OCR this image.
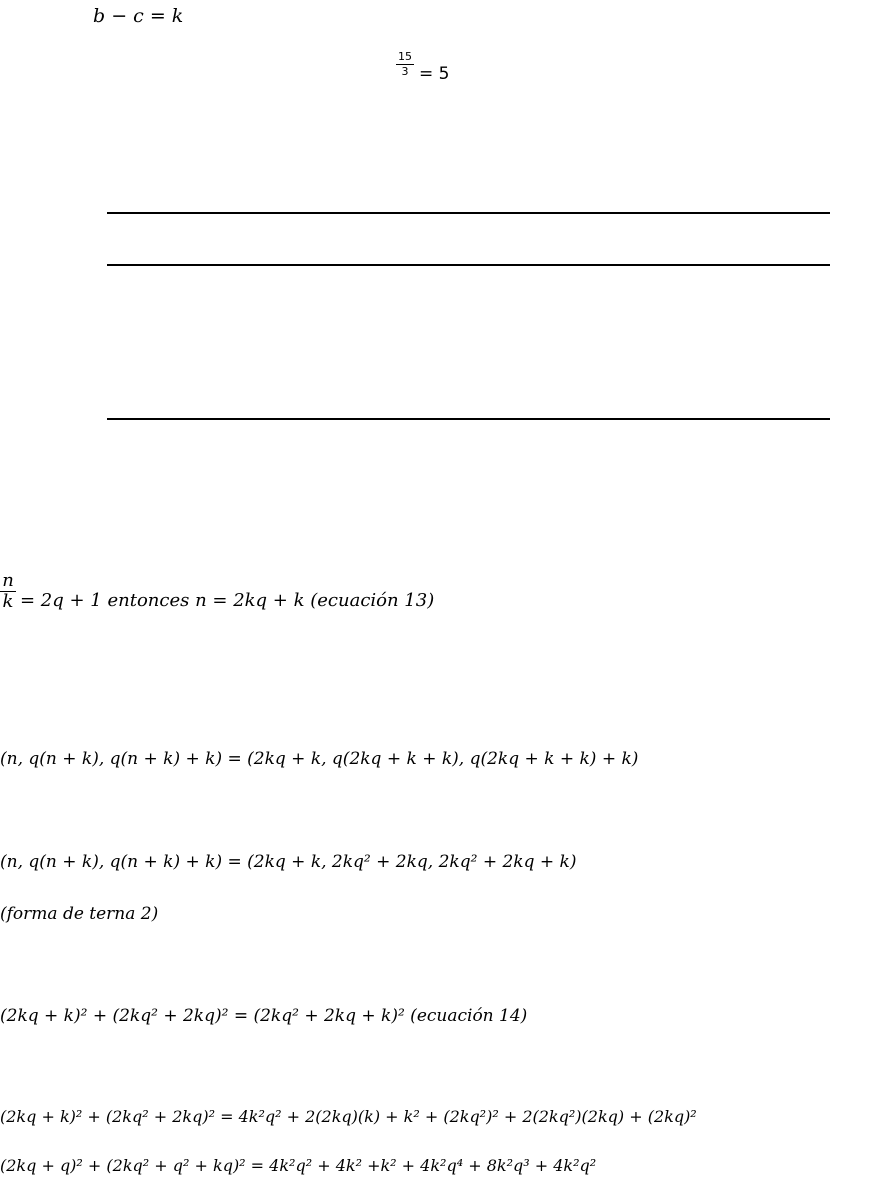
b − c = k
15
3 = 5
n
k = 2q + 1 entonces n = 2kq + k (ecuación 13)
(n, q(n + k), q(n + k) + k) = (2kq + k, q(2kq + k + k), q(2kq + k + k) + k)
(n, q(n + k), q(n + k) + k) = (2kq + k, 2kq² + 2kq, 2kq² + 2kq + k)
(forma de terna 2)
(2kq + k)² + (2kq² + 2kq)² = (2kq² + 2kq + k)² (ecuación 14)
(2kq + k)² + (2kq² + 2kq)² = 4k²q² + 2(2kq)(k) + k² + (2kq²)² + 2(2kq²)(2kq) + (2kq)²
(2kq + q)² + (2kq² + q² + kq)² = 4k²q² + 4k² +k² + 4k²q⁴ + 8k²q³ + 4k²q²
